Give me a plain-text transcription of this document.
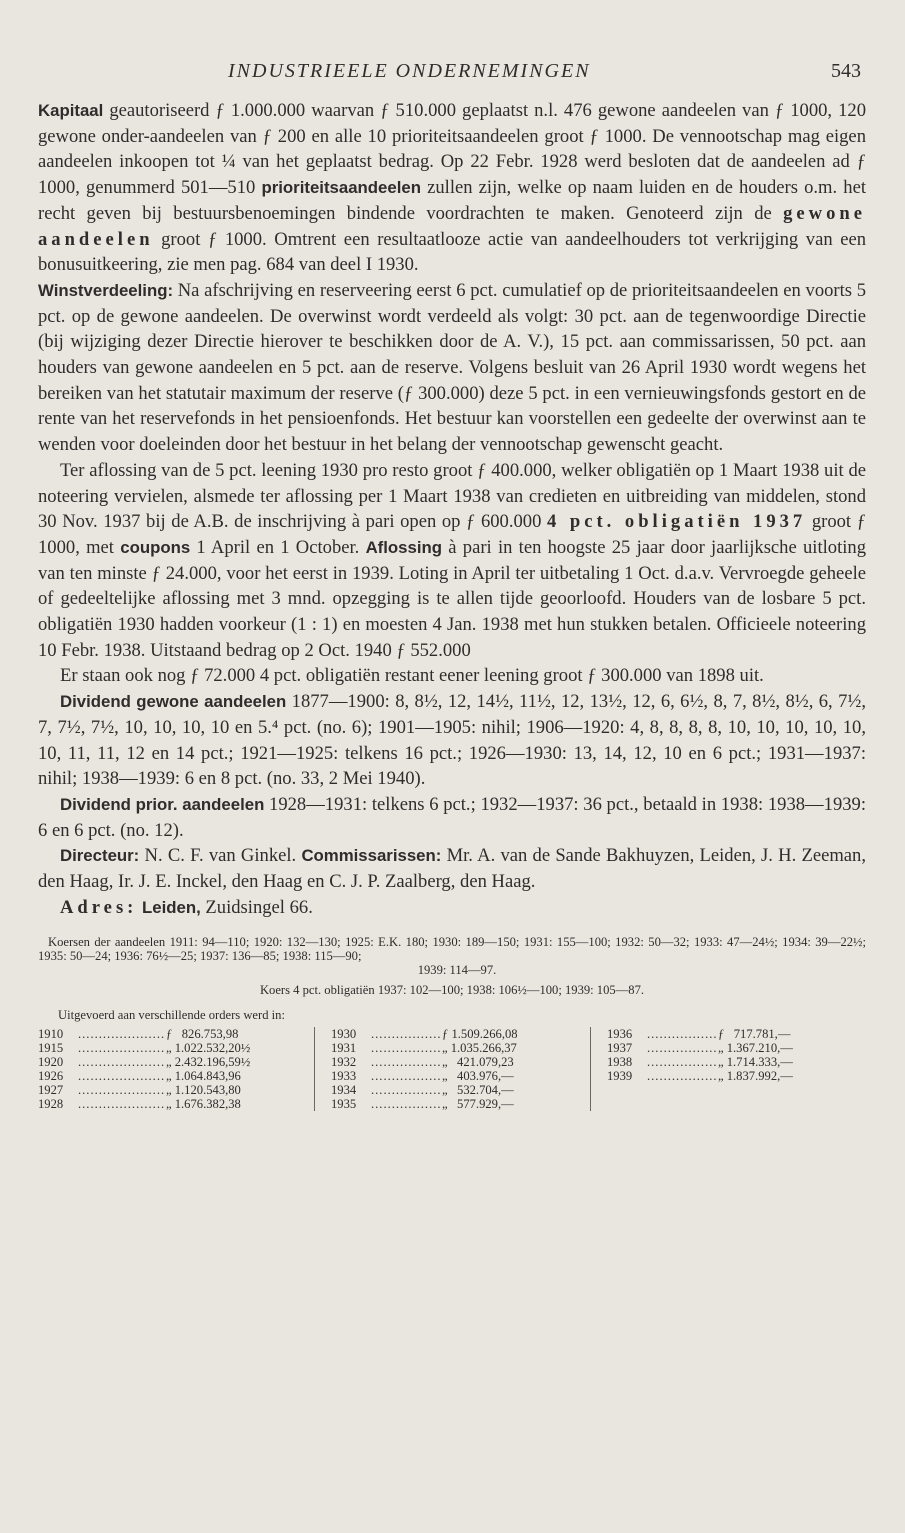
INDUSTRIEELE ONDERNEMINGEN	543

Kapitaal geautoriseerd ƒ 1.000.000 waarvan ƒ 510.000 geplaatst n.l. 476 gewone aandeelen van ƒ 1000, 120 gewone onder-aandeelen van ƒ 200 en alle 10 prioriteitsaandeelen groot ƒ 1000. De vennootschap mag eigen aandeelen inkoopen tot ¼ van het geplaatst bedrag. Op 22 Febr. 1928 werd besloten dat de aandeelen ad ƒ 1000, genummerd 501—510 prioriteitsaandeelen zullen zijn, welke op naam luiden en de houders o.m. het recht geven bij bestuursbenoemingen bindende voordrachten te maken. Genoteerd zijn de gewone aandeelen groot ƒ 1000. Omtrent een resultaatlooze actie van aandeelhouders tot verkrijging van een bonusuitkeering, zie men pag. 684 van deel I 1930.

Winstverdeeling: Na afschrijving en reserveering eerst 6 pct. cumulatief op de prioriteitsaandeelen en voorts 5 pct. op de gewone aandeelen. De overwinst wordt verdeeld als volgt: 30 pct. aan de tegenwoordige Directie (bij wijziging dezer Directie hierover te beschikken door de A. V.), 15 pct. aan commissarissen, 50 pct. aan houders van gewone aandeelen en 5 pct. aan de reserve. Volgens besluit van 26 April 1930 wordt wegens het bereiken van het statutair maximum der reserve (ƒ 300.000) deze 5 pct. in een vernieuwingsfonds gestort en de rente van het reservefonds in het pensioenfonds. Het bestuur kan voorstellen een gedeelte der overwinst aan te wenden voor doeleinden door het bestuur in het belang der vennootschap gewenscht geacht.

Ter aflossing van de 5 pct. leening 1930 pro resto groot ƒ 400.000, welker obligatiën op 1 Maart 1938 uit de noteering vervielen, alsmede ter aflossing per 1 Maart 1938 van credieten en uitbreiding van middelen, stond 30 Nov. 1937 bij de A.B. de inschrijving à pari open op ƒ 600.000 4 pct. obligatiën 1937 groot ƒ 1000, met coupons 1 April en 1 October. Aflossing à pari in ten hoogste 25 jaar door jaarlijksche uitloting van ten minste ƒ 24.000, voor het eerst in 1939. Loting in April ter uitbetaling 1 Oct. d.a.v. Vervroegde geheele of gedeeltelijke aflossing met 3 mnd. opzegging is te allen tijde geoorloofd. Houders van de losbare 5 pct. obligatiën 1930 hadden voorkeur (1 : 1) en moesten 4 Jan. 1938 met hun stukken betalen. Officieele noteering 10 Febr. 1938. Uitstaand bedrag op 2 Oct. 1940 ƒ 552.000

Er staan ook nog ƒ 72.000 4 pct. obligatiën restant eener leening groot ƒ 300.000 van 1898 uit.

Dividend gewone aandeelen 1877—1900: 8, 8½, 12, 14½, 11½, 12, 13½, 12, 6, 6½, 8, 7, 8½, 8½, 6, 7½, 7, 7½, 7½, 10, 10, 10, 10 en 5.⁴ pct. (no. 6); 1901—1905: nihil; 1906—1920: 4, 8, 8, 8, 8, 10, 10, 10, 10, 10, 10, 11, 11, 12 en 14 pct.; 1921—1925: telkens 16 pct.; 1926—1930: 13, 14, 12, 10 en 6 pct.; 1931—1937: nihil; 1938—1939: 6 en 8 pct. (no. 33, 2 Mei 1940).

Dividend prior. aandeelen 1928—1931: telkens 6 pct.; 1932—1937: 36 pct., betaald in 1938: 1938—1939: 6 en 6 pct. (no. 12).

Directeur: N. C. F. van Ginkel. Commissarissen: Mr. A. van de Sande Bakhuyzen, Leiden, J. H. Zeeman, den Haag, Ir. J. E. Inckel, den Haag en C. J. P. Zaalberg, den Haag.

Adres: Leiden, Zuidsingel 66.

Koersen der aandeelen 1911: 94—110; 1920: 132—130; 1925: E.K. 180; 1930: 189—150; 1931: 155—100; 1932: 50—32; 1933: 47—24½; 1934: 39—22½; 1935: 50—24; 1936: 76½—25; 1937: 136—85; 1938: 115—90;
1939: 114—97.
Koers 4 pct. obligatiën 1937: 102—100; 1938: 106½—100; 1939: 105—87.
Uitgevoerd aan verschillende orders werd in:
1910 .....	ƒ   826.753,98
1915 .....	„ 1.022.532,20½
1920 .....	„ 2.432.196,59½
1926 .....	„ 1.064.843,96
1927 .....	„ 1.120.543,80
1928 .....	„ 1.676.382,38
1930 .....	ƒ 1.509.266,08
1931 .....	„ 1.035.266,37
1932 .....	„   421.079,23
1933 .....	„   403.976,—
1934 .....	„   532.704,—
1935 .....	„   577.929,—
1936 .....	ƒ   717.781,—
1937 .....	„ 1.367.210,—
1938 .....	„ 1.714.333,—
1939 .....	„ 1.837.992,—
